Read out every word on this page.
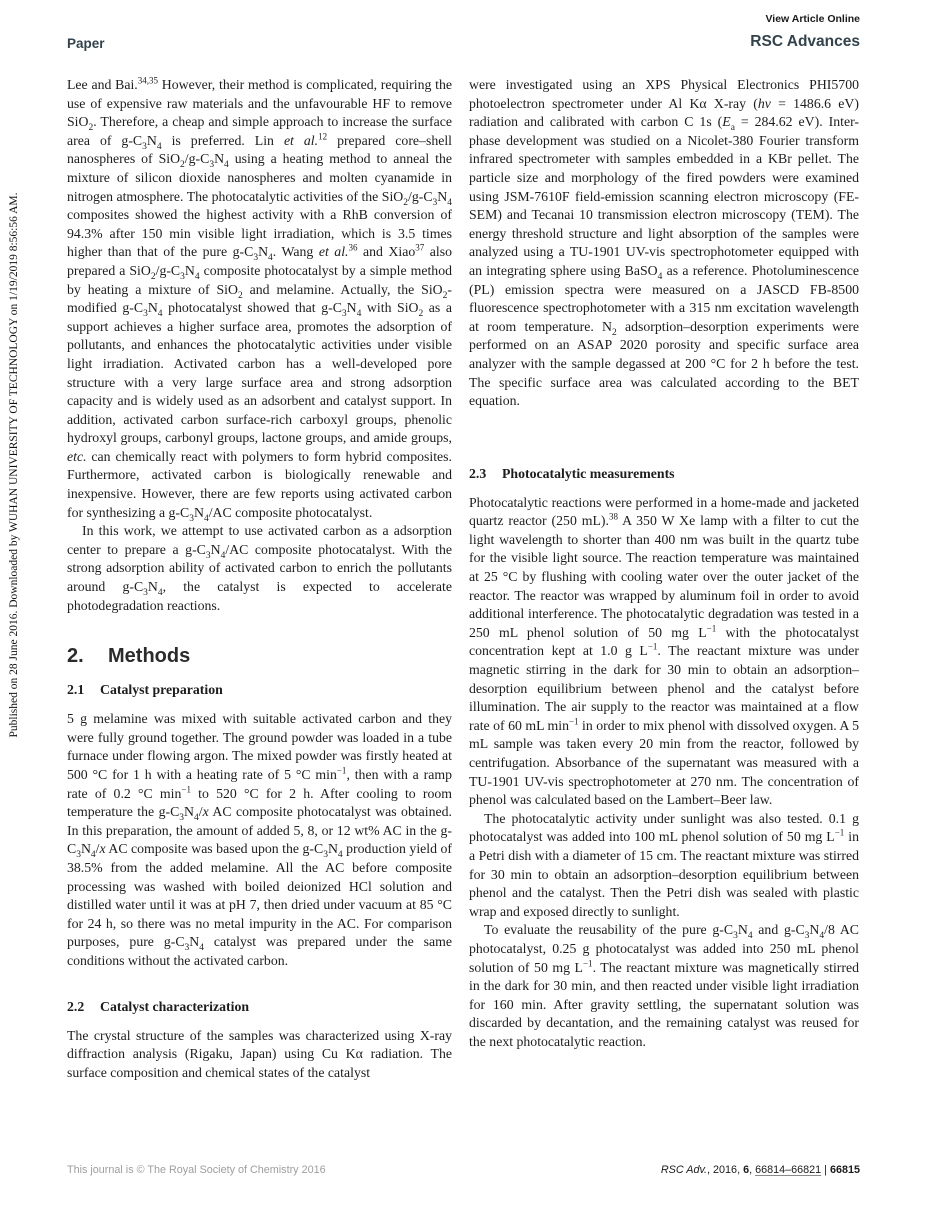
View Article Online
Paper	RSC Advances
Published on 28 June 2016. Downloaded by WUHAN UNIVERSITY OF TECHNOLOGY on 1/19/2019 8:56:56 AM.

Lee and Bai.$^{34,35}$ However, their method is complicated, requiring the use of expensive raw materials and the unfavourable HF to remove SiO$_2$. Therefore, a cheap and simple approach to increase the surface area of $g-C_3N_4$ is preferred. Lin et al.$^{12}$ prepared core–shell nanospheres of $SiO_2/g-C_3N_4$ using a heating method to anneal the mixture of silicon dioxide nanospheres and molten cyanamide in nitrogen atmosphere. The photocatalytic activities of the $SiO_2/g-C_3N_4$ composites showed the highest activity with a RhB conversion of 94.3% after 150 min visible light irradiation, which is 3.5 times higher than that of the pure $g-C_3N_4$. Wang et al.$^{36}$ and Xiao$^{37}$ also prepared a $SiO_2/g-C_3N_4$ composite photocatalyst by a simple method by heating a mixture of SiO$_2$ and melamine. Actually, the SiO$_2$-modified $g-C_3N_4$ photocatalyst showed that $g-C_3N_4$ with SiO$_2$ as a support achieves a higher surface area, promotes the adsorption of pollutants, and enhances the photocatalytic activities under visible light irradiation. Activated carbon has a well-developed pore structure with a very large surface area and strong adsorption capacity and is widely used as an adsorbent and catalyst support. In addition, activated carbon surface-rich carboxyl groups, phenolic hydroxyl groups, carbonyl groups, lactone groups, and amide groups, etc. can chemically react with polymers to form hybrid composites. Furthermore, activated carbon is biologically renewable and inexpensive. However, there are few reports using activated carbon for synthesizing a $g-C_3N_4/AC$ composite photocatalyst.

In this work, we attempt to use activated carbon as a adsorption center to prepare a $g-C_3N_4/AC$ composite photocatalyst. With the strong adsorption ability of activated carbon to enrich the pollutants around $g-C_3N_4$, the catalyst is expected to accelerate photodegradation reactions.

2. Methods
2.1 Catalyst preparation

5 g melamine was mixed with suitable activated carbon and they were fully ground together. The ground powder was loaded in a tube furnace under flowing argon. The mixed powder was firstly heated at 500 °C for 1 h with a heating rate of 5 °C $\min^{-1}$, then with a ramp rate of 0.2 °C $\min^{-1}$ to 520 °C for 2 h. After cooling to room temperature the $g-C_3N_4/x$ AC composite photocatalyst was obtained. In this preparation, the amount of added 5, 8, or 12 wt% AC in the $g-C_3N_4/x$ AC composite was based upon the $g-C_3N_4$ production yield of 38.5% from the added melamine. All the AC before composite processing was washed with boiled deionized HCl solution and distilled water until it was at pH 7, then dried under vacuum at 85 °C for 24 h, so there was no metal impurity in the AC. For comparison purposes, pure $g-C_3N_4$ catalyst was prepared under the same conditions without the activated carbon.

2.2 Catalyst characterization

The crystal structure of the samples was characterized using X-ray diffraction analysis (Rigaku, Japan) using Cu Kα radiation. The surface composition and chemical states of the catalyst

were investigated using an XPS Physical Electronics PHI5700 photoelectron spectrometer under Al Kα X-ray (hν = 1486.6 eV) radiation and calibrated with carbon C 1s ($E_a = 284.62$ eV). Inter-phase development was studied on a Nicolet-380 Fourier transform infrared spectrometer with samples embedded in a KBr pellet. The particle size and morphology of the fired powders were examined using JSM-7610F field-emission scanning electron microscopy (FE-SEM) and Tecanai 10 transmission electron microscopy (TEM). The energy threshold structure and light absorption of the samples were analyzed using a TU-1901 UV-vis spectrophotometer equipped with an integrating sphere using BaSO$_4$ as a reference. Photoluminescence (PL) emission spectra were measured on a JASCD FB-8500 fluorescence spectrophotometer with a 315 nm excitation wavelength at room temperature. $N_2$ adsorption–desorption experiments were performed on an ASAP 2020 porosity and specific surface area analyzer with the sample degassed at 200 °C for 2 h before the test. The specific surface area was calculated according to the BET equation.

2.3 Photocatalytic measurements

Photocatalytic reactions were performed in a home-made and jacketed quartz reactor (250 mL).$^{38}$ A 350 W Xe lamp with a filter to cut the light wavelength to shorter than 400 nm was built in the quartz tube for the visible light source. The reaction temperature was maintained at 25 °C by flushing with cooling water over the outer jacket of the reactor. The reactor was wrapped by aluminum foil in order to avoid additional interference. The photocatalytic degradation was tested in a 250 mL phenol solution of 50 mg $L^{-1}$ with the photocatalyst concentration kept at 1.0 g $L^{-1}$. The reactant mixture was under magnetic stirring in the dark for 30 min to obtain an adsorption–desorption equilibrium between phenol and the catalyst before illumination. The air supply to the reactor was maintained at a flow rate of 60 mL $\min^{-1}$ in order to mix phenol with dissolved oxygen. A 5 mL sample was taken every 20 min from the reactor, followed by centrifugation. Absorbance of the supernatant was measured with a TU-1901 UV-vis spectrophotometer at 270 nm. The concentration of phenol was calculated based on the Lambert–Beer law.

The photocatalytic activity under sunlight was also tested. 0.1 g photocatalyst was added into 100 mL phenol solution of 50 mg $L^{-1}$ in a Petri dish with a diameter of 15 cm. The reactant mixture was stirred for 30 min to obtain an adsorption–desorption equilibrium between phenol and the catalyst. Then the Petri dish was sealed with plastic wrap and exposed directly to sunlight.

To evaluate the reusability of the pure $g-C_3N_4$ and $g-C_3N_4/8$ AC photocatalyst, 0.25 g photocatalyst was added into 250 mL phenol solution of 50 mg $L^{-1}$. The reactant mixture was magnetically stirred in the dark for 30 min, and then reacted under visible light irradiation for 160 min. After gravity settling, the supernatant solution was discarded by decantation, and the remaining catalyst was reused for the next photocatalytic reaction.

This journal is © The Royal Society of Chemistry 2016	RSC Adv., 2016, 6, 66814–66821 | 66815
